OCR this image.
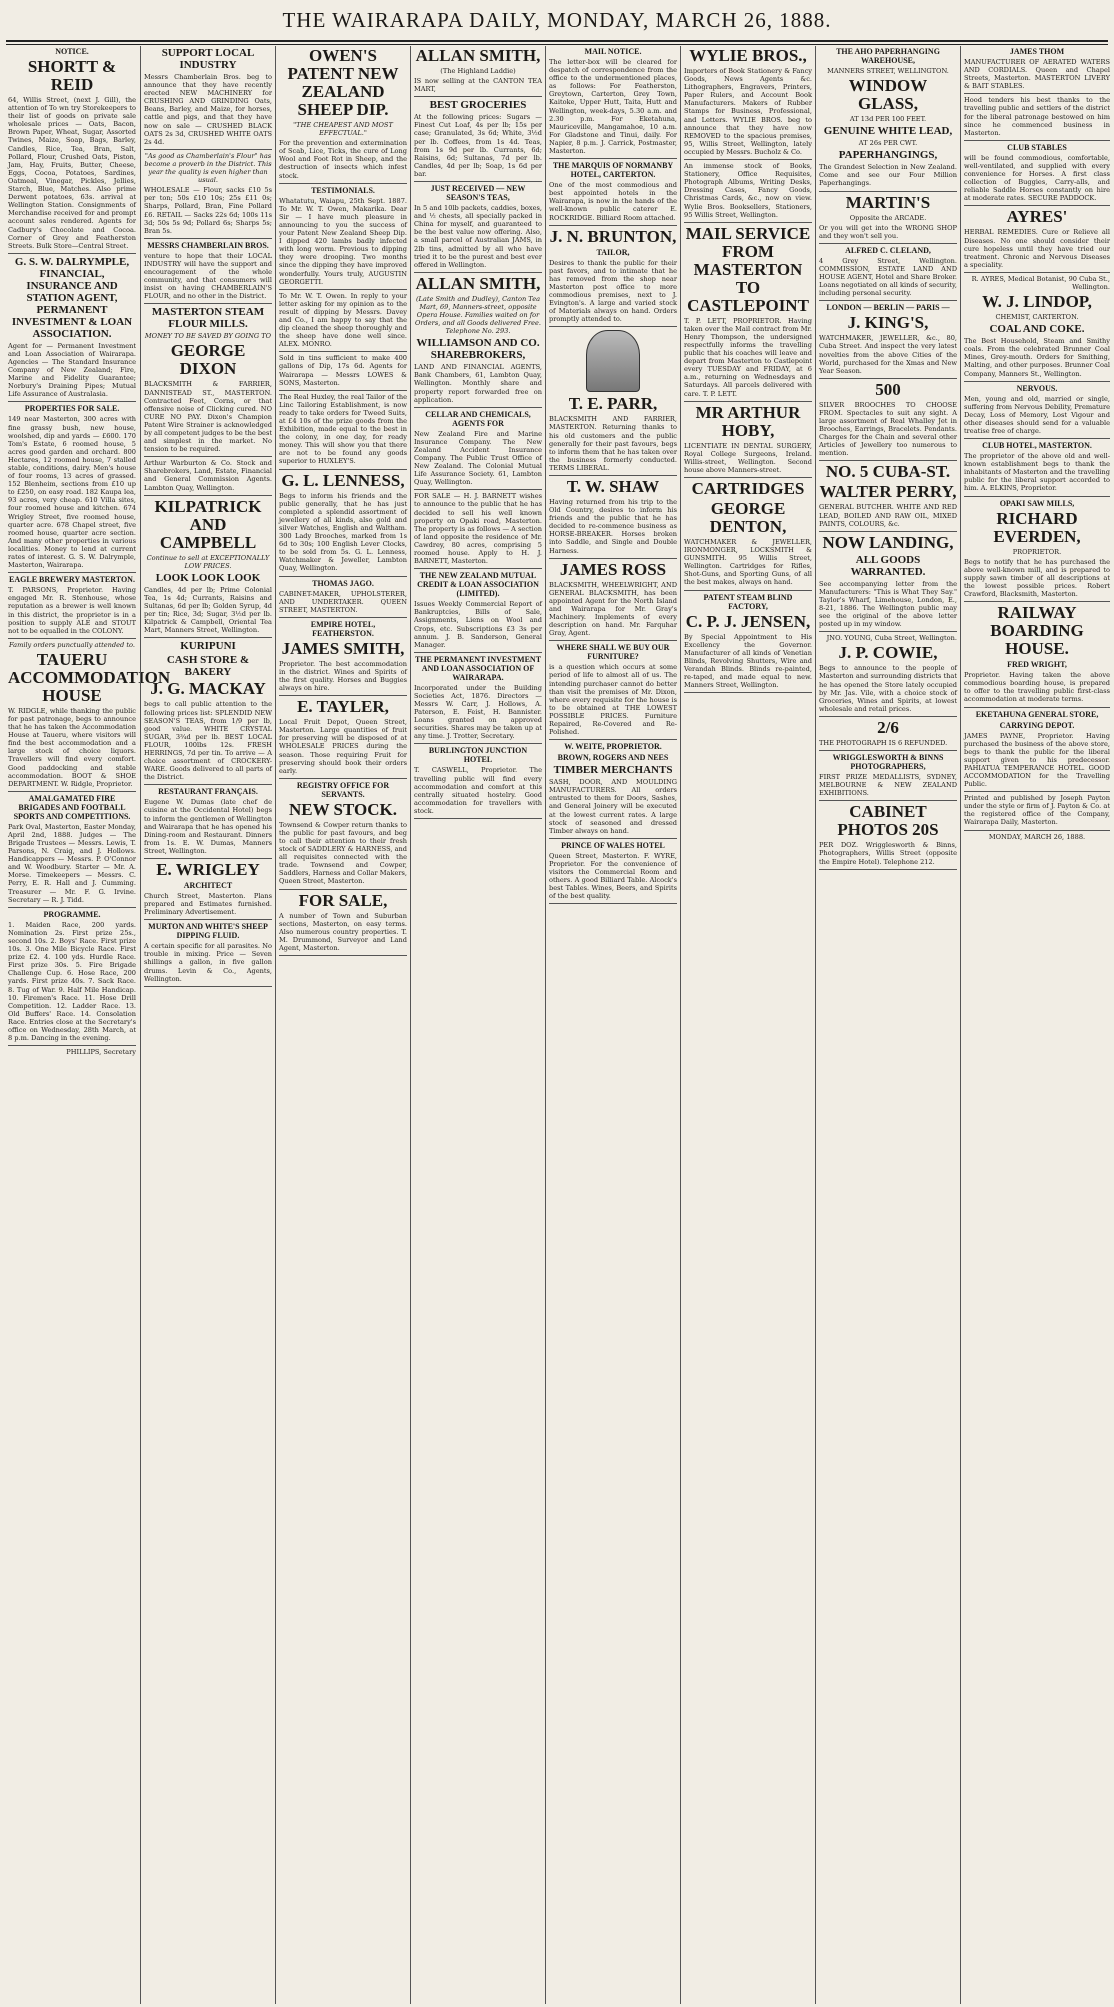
THE WAIRARAPA DAILY, MONDAY, MARCH 26, 1888.
NOTICE.
SHORTT & REID
64, Willis Street, (next J. Gill), the attention of To wn try Storekeepers to their list of goods on private sale wholesale prices — Oats, Bacon, Brown Paper, Wheat, Sugar, Assorted Twines, Maize, Soap, Bags, Barley, Candles, Rice, Tea, Bran, Salt, Pollard, Flour, Crushed Oats, Piston, Jam, Hay, Fruits, Butter, Cheese, Eggs, Cocoa, Potatoes, Sardines, Oatmeal, Vinegar, Pickles, Jellies, Starch, Blue, Matches. Also prime Derwent potatoes, 63s. arrival at Wellington Station. Consignments of Merchandise received for and prompt account sales rendered. Agents for Cadbury's Chocolate and Cocoa. Corner of Grey and Featherston Streets. Bulk Store—Central Street.
G. S. W. DALRYMPLE, FINANCIAL, INSURANCE AND STATION AGENT, PERMANENT INVESTMENT & LOAN ASSOCIATION.
Agent for — Permanent Investment and Loan Association of Wairarapa. Agencies — The Standard Insurance Company of New Zealand; Fire, Marine and Fidelity Guarantee; Norbury's Draining Pipes; Mutual Life Assurance of Australasia.
PROPERTIES FOR SALE.
149 near Masterton, 300 acres with fine grassy bush, new house, woolshed, dip and yards — £600. 170 Tom's Estate, 6 roomed house, 5 acres good garden and orchard. 800 Hectares, 12 roomed house, 7 stalled stable, conditions, dairy. Men's house of four rooms, 13 acres of grassed. 152 Blenheim, sections from £10 up to £250, on easy road. 182 Kaupa lea, 93 acres, very cheap. 610 Villa sites, four roomed house and kitchen. 674 Wrigley Street, five roomed house, quarter acre. 678 Chapel street, five roomed house, quarter acre section. And many other properties in various localities. Money to lend at current rates of interest. G. S. W. Dalrymple, Masterton, Wairarapa.
EAGLE BREWERY MASTERTON.
T. PARSONS, Proprietor. Having engaged Mr. R. Stenhouse, whose reputation as a brewer is well known in this district, the proprietor is in a position to supply ALE and STOUT not to be equalled in the COLONY.
Family orders punctually attended to.
TAUERU ACCOMMODATION HOUSE
W. RIDGLE, while thanking the public for past patronage, begs to announce that he has taken the Accommodation House at Taueru, where visitors will find the best accommodation and a large stock of choice liquors. Travellers will find every comfort. Good paddocking and stable accommodation. BOOT & SHOE DEPARTMENT. W. Ridgle, Proprietor.
AMALGAMATED FIRE BRIGADES AND FOOTBALL SPORTS AND COMPETITIONS.
Park Oval, Masterton, Easter Monday, April 2nd, 1888. Judges — The Brigade Trustees — Messrs. Lewis, T. Parsons, N. Craig, and J. Hollows. Handicappers — Messrs. P. O'Connor and W. Woodbury. Starter — Mr. A. Morse. Timekeepers — Messrs. C. Perry, E. R. Hall and J. Cumming. Treasurer — Mr. F. G. Irvine. Secretary — R. J. Tidd.
PROGRAMME.
1. Maiden Race, 200 yards. Nomination 2s. First prize 25s., second 10s. 2. Boys' Race. First prize 10s. 3. One Mile Bicycle Race. First prize £2. 4. 100 yds. Hurdle Race. First prize 30s. 5. Fire Brigade Challenge Cup. 6. Hose Race, 200 yards. First prize 40s. 7. Sack Race. 8. Tug of War. 9. Half Mile Handicap. 10. Firemen's Race. 11. Hose Drill Competition. 12. Ladder Race. 13. Old Buffers' Race. 14. Consolation Race. Entries close at the Secretary's office on Wednesday, 28th March, at 8 p.m. Dancing in the evening.
PHILLIPS, Secretary
SUPPORT LOCAL INDUSTRY
Messrs Chamberlain Bros. beg to announce that they have recently erected NEW MACHINERY for CRUSHING AND GRINDING Oats, Beans, Barley, and Maize, for horses, cattle and pigs, and that they have now on sale — CRUSHED BLACK OATS 2s 3d, CRUSHED WHITE OATS 2s 4d.
"As good as Chamberlain's Flour" has become a proverb in the District. This year the quality is even higher than usual.
WHOLESALE — Flour, sacks £10 5s per ton; 50s £10 10s; 25s £11 0s; Sharps, Pollard, Bran, Fine Pollard £6. RETAIL — Sacks 22s 6d; 100s 11s 3d; 50s 5s 9d; Pollard 6s; Sharps 5s; Bran 5s.
MESSRS CHAMBERLAIN BROS.
venture to hope that their LOCAL INDUSTRY will have the support and encouragement of the whole community, and that consumers will insist on having CHAMBERLAIN'S FLOUR, and no other in the District.
MASTERTON STEAM FLOUR MILLS.
MONEY TO BE SAVED BY GOING TO
GEORGE DIXON
BLACKSMITH & FARRIER, DANNISTEAD ST., MASTERTON. Contracted Feet, Corns, or that offensive noise of Clicking cured. NO CURE NO PAY. Dixon's Champion Patent Wire Strainer is acknowledged by all competent judges to be the best and simplest in the market. No tension to be required.
Arthur Warburton & Co. Stock and Sharebrokers, Land, Estate, Financial and General Commission Agents. Lambton Quay, Wellington.
KILPATRICK AND CAMPBELL
Continue to sell at EXCEPTIONALLY LOW PRICES.
LOOK LOOK LOOK
Candles, 4d per lb; Prime Colonial Tea, 1s 4d; Currants, Raisins and Sultanas, 6d per lb; Golden Syrup, 4d per tin; Rice, 3d; Sugar, 3½d per lb. Kilpatrick & Campbell, Oriental Tea Mart, Manners Street, Wellington.
KURIPUNI
CASH STORE & BAKERY
J. G. MACKAY
begs to call public attention to the following prices list: SPLENDID NEW SEASON'S TEAS, from 1/9 per lb, good value. WHITE CRYSTAL SUGAR, 3¾d per lb. BEST LOCAL FLOUR, 100lbs 12s. FRESH HERRINGS, 7d per tin. To arrive — A choice assortment of CROCKERY-WARE. Goods delivered to all parts of the District.
RESTAURANT FRANÇAIS.
Eugene W. Dumas (late chef de cuisine at the Occidental Hotel) begs to inform the gentlemen of Wellington and Wairarapa that he has opened his Dining-room and Restaurant. Dinners from 1s. E. W. Dumas, Manners Street, Wellington.
E. WRIGLEY
ARCHITECT
Church Street, Masterton. Plans prepared and Estimates furnished. Preliminary Advertisement.
MURTON AND WHITE'S SHEEP DIPPING FLUID.
A certain specific for all parasites. No trouble in mixing. Price — Seven shillings a gallon, in five gallon drums. Levin & Co., Agents, Wellington.
OWEN'S PATENT NEW ZEALAND SHEEP DIP.
"THE CHEAPEST AND MOST EFFECTUAL."
For the prevention and extermination of Scab, Lice, Ticks, the cure of Long Wool and Foot Rot in Sheep, and the destruction of insects which infest stock.
TESTIMONIALS.
Whatatutu, Waiapu, 25th Sept. 1887. To Mr. W. T. Owen, Makarika. Dear Sir — I have much pleasure in announcing to you the success of your Patent New Zealand Sheep Dip. I dipped 420 lambs badly infected with long worm. Previous to dipping they were drooping. Two months since the dipping they have improved wonderfully. Yours truly, AUGUSTIN GEORGETTI.
To Mr. W. T. Owen. In reply to your letter asking for my opinion as to the result of dipping by Messrs. Davey and Co., I am happy to say that the dip cleaned the sheep thoroughly and the sheep have done well since. ALEX. MONRO.
Sold in tins sufficient to make 400 gallons of Dip, 17s 6d. Agents for Wairarapa — Messrs LOWES & SONS, Masterton.
The Real Huxley, the real Tailor of the Linc Tailoring Establishment, is now ready to take orders for Tweed Suits, at £4 10s of the prize goods from the Exhibition, made equal to the best in the colony, in one day, for ready money. This will show you that there are not to be found any goods superior to HUXLEY'S.
G. L. LENNESS,
Begs to inform his friends and the public generally, that he has just completed a splendid assortment of jewellery of all kinds, also gold and silver Watches, English and Waltham. 300 Lady Brooches, marked from 1s 6d to 30s; 100 English Lever Clocks, to be sold from 5s. G. L. Lenness, Watchmaker & Jeweller, Lambton Quay, Wellington.
THOMAS JAGO.
CABINET-MAKER, UPHOLSTERER, AND UNDERTAKER. QUEEN STREET, MASTERTON.
EMPIRE HOTEL, FEATHERSTON.
JAMES SMITH,
Proprietor. The best accommodation in the district. Wines and Spirits of the first quality. Horses and Buggies always on hire.
E. TAYLER,
Local Fruit Depot, Queen Street, Masterton. Large quantities of fruit for preserving will be disposed of at WHOLESALE PRICES during the season. Those requiring Fruit for preserving should book their orders early.
REGISTRY OFFICE FOR SERVANTS.
NEW STOCK.
Townsend & Cowper return thanks to the public for past favours, and beg to call their attention to their fresh stock of SADDLERY & HARNESS, and all requisites connected with the trade. Townsend and Cowper, Saddlers, Harness and Collar Makers, Queen Street, Masterton.
FOR SALE,
A number of Town and Suburban sections, Masterton, on easy terms. Also numerous country properties. T. M. Drummond, Surveyor and Land Agent, Masterton.
ALLAN SMITH,
(The Highland Laddie)
IS now selling at the CANTON TEA MART,
BEST GROCERIES
At the following prices: Sugars — Finest Cut Loaf, 4s per lb; 15s per case; Granulated, 3s 6d; White, 3½d per lb. Coffees, from 1s 4d. Teas, from 1s 9d per lb. Currants, 6d; Raisins, 6d; Sultanas, 7d per lb. Candles, 4d per lb; Soap, 1s 6d per bar.
JUST RECEIVED — NEW SEASON'S TEAS,
In 5 and 10lb packets, caddies, boxes, and ½ chests, all specially packed in China for myself, and guaranteed to be the best value now offering. Also, a small parcel of Australian JAMS, in 2lb tins, admitted by all who have tried it to be the purest and best ever offered in Wellington.
ALLAN SMITH,
(Late Smith and Dudley), Canton Tea Mart, 69, Manners-street, opposite Opera House. Families waited on for Orders, and all Goods delivered Free. Telephone No. 293.
WILLIAMSON AND CO. SHAREBROKERS,
LAND AND FINANCIAL AGENTS, Bank Chambers, 61, Lambton Quay, Wellington. Monthly share and property report forwarded free on application.
CELLAR AND CHEMICALS, AGENTS FOR
New Zealand Fire and Marine Insurance Company. The New Zealand Accident Insurance Company. The Public Trust Office of New Zealand. The Colonial Mutual Life Assurance Society. 61, Lambton Quay, Wellington.
FOR SALE — H. J. BARNETT wishes to announce to the public that he has decided to sell his well known property on Opaki road, Masterton. The property is as follows — A section of land opposite the residence of Mr. Cawdrey, 80 acres, comprising 5 roomed house. Apply to H. J. BARNETT, Masterton.
THE NEW ZEALAND MUTUAL CREDIT & LOAN ASSOCIATION (LIMITED).
Issues Weekly Commercial Report of Bankruptcies, Bills of Sale, Assignments, Liens on Wool and Crops, etc. Subscriptions £3 3s per annum. J. B. Sanderson, General Manager.
THE PERMANENT INVESTMENT AND LOAN ASSOCIATION OF WAIRARAPA.
Incorporated under the Building Societies Act, 1876. Directors — Messrs W. Carr, J. Hollows, A. Paterson, E. Feist, H. Bannister. Loans granted on approved securities. Shares may be taken up at any time. J. Trotter, Secretary.
BURLINGTON JUNCTION HOTEL
T. CASWELL, Proprietor. The travelling public will find every accommodation and comfort at this centrally situated hostelry. Good accommodation for travellers with stock.
MAIL NOTICE.
The letter-box will be cleared for despatch of correspondence from the office to the undermentioned places, as follows: For Featherston, Greytown, Carterton, Grey Town, Kaitoke, Upper Hutt, Taita, Hutt and Wellington, week-days, 5.30 a.m. and 2.30 p.m. For Eketahuna, Mauriceville, Mangamahoe, 10 a.m. For Gladstone and Tinui, daily. For Napier, 8 p.m. J. Carrick, Postmaster, Masterton.
THE MARQUIS OF NORMANBY HOTEL, CARTERTON.
One of the most commodious and best appointed hotels in the Wairarapa, is now in the hands of the well-known public caterer E. ROCKRIDGE. Billiard Room attached.
J. N. BRUNTON,
TAILOR,
Desires to thank the public for their past favors, and to intimate that he has removed from the shop near Masterton post office to more commodious premises, next to J. Evington's. A large and varied stock of Materials always on hand. Orders promptly attended to.
T. E. PARR,
BLACKSMITH AND FARRIER, MASTERTON. Returning thanks to his old customers and the public generally for their past favours, begs to inform them that he has taken over the business formerly conducted. TERMS LIBERAL.
T. W. SHAW
Having returned from his trip to the Old Country, desires to inform his friends and the public that he has decided to re-commence business as HORSE-BREAKER. Horses broken into Saddle, and Single and Double Harness.
JAMES ROSS
BLACKSMITH, WHEELWRIGHT, AND GENERAL BLACKSMITH, has been appointed Agent for the North Island and Wairarapa for Mr. Gray's Machinery. Implements of every description on hand. Mr. Farquhar Gray, Agent.
WHERE SHALL WE BUY OUR FURNITURE?
is a question which occurs at some period of life to almost all of us. The intending purchaser cannot do better than visit the premises of Mr. Dixon, where every requisite for the house is to be obtained at THE LOWEST POSSIBLE PRICES. Furniture Repaired, Re-Covered and Re-Polished.
W. WEITE, PROPRIETOR.
BROWN, ROGERS AND NEES
TIMBER MERCHANTS
SASH, DOOR, AND MOULDING MANUFACTURERS. All orders entrusted to them for Doors, Sashes, and General Joinery will be executed at the lowest current rates. A large stock of seasoned and dressed Timber always on hand.
PRINCE OF WALES HOTEL
Queen Street, Masterton. F. WYRE, Proprietor. For the convenience of visitors the Commercial Room and others. A good Billiard Table. Alcock's best Tables. Wines, Beers, and Spirits of the best quality.
WYLIE BROS.,
Importers of Book Stationery & Fancy Goods, News Agents &c. Lithographers, Engravers, Printers, Paper Rulers, and Account Book Manufacturers. Makers of Rubber Stamps for Business, Professional, and Letters. WYLIE BROS. beg to announce that they have now REMOVED to the spacious premises, 95, Willis Street, Wellington, lately occupied by Messrs. Bucholz & Co.
An immense stock of Books, Stationery, Office Requisites, Photograph Albums, Writing Desks, Dressing Cases, Fancy Goods, Christmas Cards, &c., now on view. Wylie Bros. Booksellers, Stationers, 95 Willis Street, Wellington.
MAIL SERVICE FROM MASTERTON TO CASTLEPOINT
T. P. LETT, PROPRIETOR. Having taken over the Mail contract from Mr. Henry Thompson, the undersigned respectfully informs the travelling public that his coaches will leave and depart from Masterton to Castlepoint every TUESDAY and FRIDAY, at 6 a.m., returning on Wednesdays and Saturdays. All parcels delivered with care. T. P. LETT.
MR ARTHUR HOBY,
LICENTIATE IN DENTAL SURGERY, Royal College Surgeons, Ireland. Willis-street, Wellington. Second house above Manners-street.
CARTRIDGES
GEORGE DENTON,
WATCHMAKER & JEWELLER, IRONMONGER, LOCKSMITH & GUNSMITH. 95 Willis Street, Wellington. Cartridges for Rifles, Shot-Guns, and Sporting Guns, of all the best makes, always on hand.
PATENT STEAM BLIND FACTORY,
C. P. J. JENSEN,
By Special Appointment to His Excellency the Governor. Manufacturer of all kinds of Venetian Blinds, Revolving Shutters, Wire and Verandah Blinds. Blinds re-painted, re-taped, and made equal to new. Manners Street, Wellington.
THE AHO PAPERHANGING WAREHOUSE,
MANNERS STREET, WELLINGTON.
WINDOW GLASS,
AT 13d PER 100 FEET.
GENUINE WHITE LEAD,
AT 26s PER CWT.
PAPERHANGINGS,
The Grandest Selection in New Zealand. Come and see our Four Million Paperhangings.
MARTIN'S
Opposite the ARCADE.
Or you will get into the WRONG SHOP and they won't sell you.
ALFRED C. CLELAND,
4 Grey Street, Wellington. COMMISSION, ESTATE LAND AND HOUSE AGENT, Hotel and Share Broker. Loans negotiated on all kinds of security, including personal security.
LONDON — BERLIN — PARIS —
J. KING'S,
WATCHMAKER, JEWELLER, &c., 80, Cuba Street. And inspect the very latest novelties from the above Cities of the World, purchased for the Xmas and New Year Season.
500
SILVER BROOCHES TO CHOOSE FROM. Spectacles to suit any sight. A large assortment of Real Whalley Jet in Brooches, Earrings, Bracelets. Pendants. Charges for the Chain and several other Articles of Jewellery too numerous to mention.
NO. 5 CUBA-ST.
WALTER PERRY,
GENERAL BUTCHER. WHITE AND RED LEAD, BOILED AND RAW OIL, MIXED PAINTS, COLOURS, &c.
NOW LANDING,
ALL GOODS WARRANTED.
See accompanying letter from the Manufacturers: "This is What They Say." Taylor's Wharf, Limehouse, London, E., 8-21, 1886. The Wellington public may see the original of the above letter posted up in my window.
JNO. YOUNG, Cuba Street, Wellington.
J. P. COWIE,
Begs to announce to the people of Masterton and surrounding districts that he has opened the Store lately occupied by Mr. Jas. Vile, with a choice stock of Groceries, Wines and Spirits, at lowest wholesale and retail prices.
2/6
THE PHOTOGRAPH IS 6 REFUNDED.
WRIGGLESWORTH & BINNS PHOTOGRAPHERS,
FIRST PRIZE MEDALLISTS, SYDNEY, MELBOURNE & NEW ZEALAND EXHIBITIONS.
CABINET PHOTOS 20S
PER DOZ. Wrigglesworth & Binns, Photographers, Willis Street (opposite the Empire Hotel). Telephone 212.
JAMES THOM
MANUFACTURER OF AERATED WATERS AND CORDIALS. Queen and Chapel Streets, Masterton. MASTERTON LIVERY & BAIT STABLES.
Hood tenders his best thanks to the travelling public and settlers of the district for the liberal patronage bestowed on him since he commenced business in Masterton.
CLUB STABLES
will be found commodious, comfortable, well-ventilated, and supplied with every convenience for Horses. A first class collection of Buggies, Carry-alls, and reliable Saddle Horses constantly on hire at moderate rates. SECURE PADDOCK.
AYRES'
HERBAL REMEDIES. Cure or Relieve all Diseases. No one should consider their cure hopeless until they have tried our treatment. Chronic and Nervous Diseases a speciality.
R. AYRES, Medical Botanist, 90 Cuba St., Wellington.
W. J. LINDOP,
CHEMIST, CARTERTON.
COAL AND COKE.
The Best Household, Steam and Smithy coals. From the celebrated Brunner Coal Mines, Grey-mouth. Orders for Smithing, Malting, and other purposes. Brunner Coal Company, Manners St., Wellington.
NERVOUS.
Men, young and old, married or single, suffering from Nervous Debility, Premature Decay, Loss of Memory, Lost Vigour and other diseases should send for a valuable treatise free of charge.
CLUB HOTEL, MASTERTON.
The proprietor of the above old and well-known establishment begs to thank the inhabitants of Masterton and the travelling public for the liberal support accorded to him. A. ELKINS, Proprietor.
OPAKI SAW MILLS,
RICHARD EVERDEN,
PROPRIETOR.
Begs to notify that he has purchased the above well-known mill, and is prepared to supply sawn timber of all descriptions at the lowest possible prices. Robert Crawford, Blacksmith, Masterton.
RAILWAY BOARDING HOUSE.
FRED WRIGHT,
Proprietor. Having taken the above commodious boarding house, is prepared to offer to the travelling public first-class accommodation at moderate terms.
EKETAHUNA GENERAL STORE,
CARRYING DEPOT.
JAMES PAYNE, Proprietor. Having purchased the business of the above store, begs to thank the public for the liberal support given to his predecessor. PAHIATUA TEMPERANCE HOTEL. GOOD ACCOMMODATION for the Travelling Public.
Printed and published by Joseph Payton under the style or firm of J. Payton & Co. at the registered office of the Company, Wairarapa Daily, Masterton.
MONDAY, MARCH 26, 1888.
